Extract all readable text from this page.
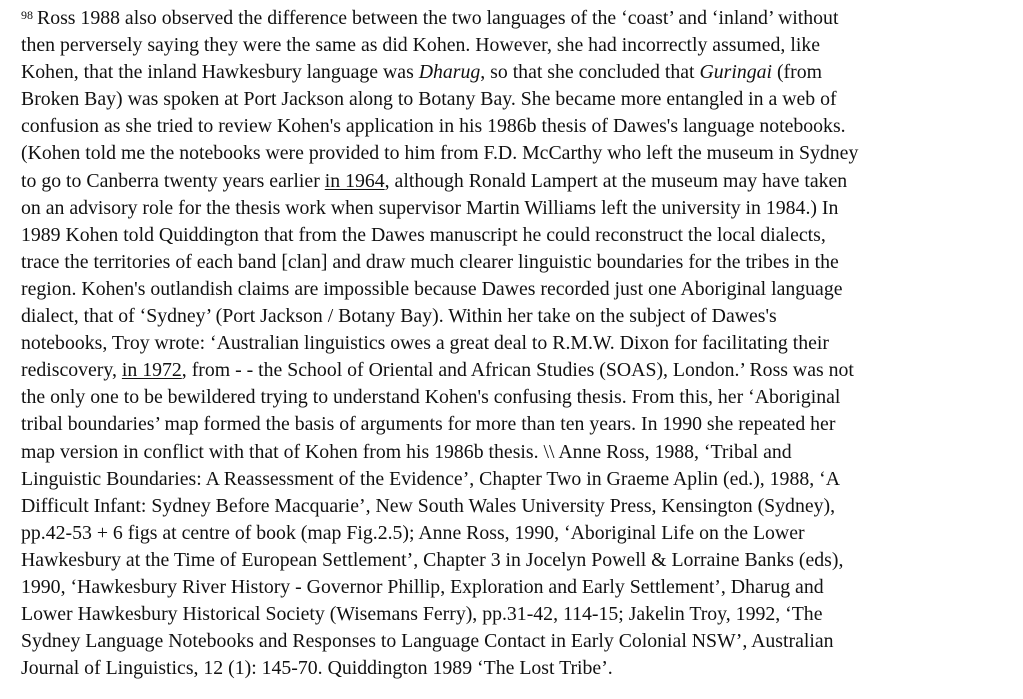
$^{98}$ Ross 1988 also observed the difference between the two languages of the ‘coast’ and ‘inland’ without
then perversely saying they were the same as did Kohen. However, she had incorrectly assumed, like
Kohen, that the inland Hawkesbury language was Dharug, so that she concluded that Guringai (from
Broken Bay) was spoken at Port Jackson along to Botany Bay. She became more entangled in a web of
confusion as she tried to review Kohen's application in his 1986b thesis of Dawes's language notebooks.
(Kohen told me the notebooks were provided to him from F.D. McCarthy who left the museum in Sydney
to go to Canberra twenty years earlier in 1964, although Ronald Lampert at the museum may have taken
on an advisory role for the thesis work when supervisor Martin Williams left the university in 1984.) In
1989 Kohen told Quiddington that from the Dawes manuscript he could reconstruct the local dialects,
trace the territories of each band [clan] and draw much clearer linguistic boundaries for the tribes in the
region. Kohen's outlandish claims are impossible because Dawes recorded just one Aboriginal language
dialect, that of ‘Sydney’ (Port Jackson / Botany Bay). Within her take on the subject of Dawes's
notebooks, Troy wrote: ‘Australian linguistics owes a great deal to R.M.W. Dixon for facilitating their
rediscovery, in 1972, from - - the School of Oriental and African Studies (SOAS), London.’ Ross was not
the only one to be bewildered trying to understand Kohen's confusing thesis. From this, her ‘Aboriginal
tribal boundaries’ map formed the basis of arguments for more than ten years. In 1990 she repeated her
map version in conflict with that of Kohen from his 1986b thesis. \\ Anne Ross, 1988, ‘Tribal and
Linguistic Boundaries: A Reassessment of the Evidence’, Chapter Two in Graeme Aplin (ed.), 1988, ‘A
Difficult Infant: Sydney Before Macquarie’, New South Wales University Press, Kensington (Sydney),
pp.42-53 + 6 figs at centre of book (map Fig.2.5); Anne Ross, 1990, ‘Aboriginal Life on the Lower
Hawkesbury at the Time of European Settlement’, Chapter 3 in Jocelyn Powell & Lorraine Banks (eds),
1990, ‘Hawkesbury River History - Governor Phillip, Exploration and Early Settlement’, Dharug and
Lower Hawkesbury Historical Society (Wisemans Ferry), pp.31-42, 114-15; Jakelin Troy, 1992, ‘The
Sydney Language Notebooks and Responses to Language Contact in Early Colonial NSW’, Australian
Journal of Linguistics, 12 (1): 145-70. Quiddington 1989 ‘The Lost Tribe’.
